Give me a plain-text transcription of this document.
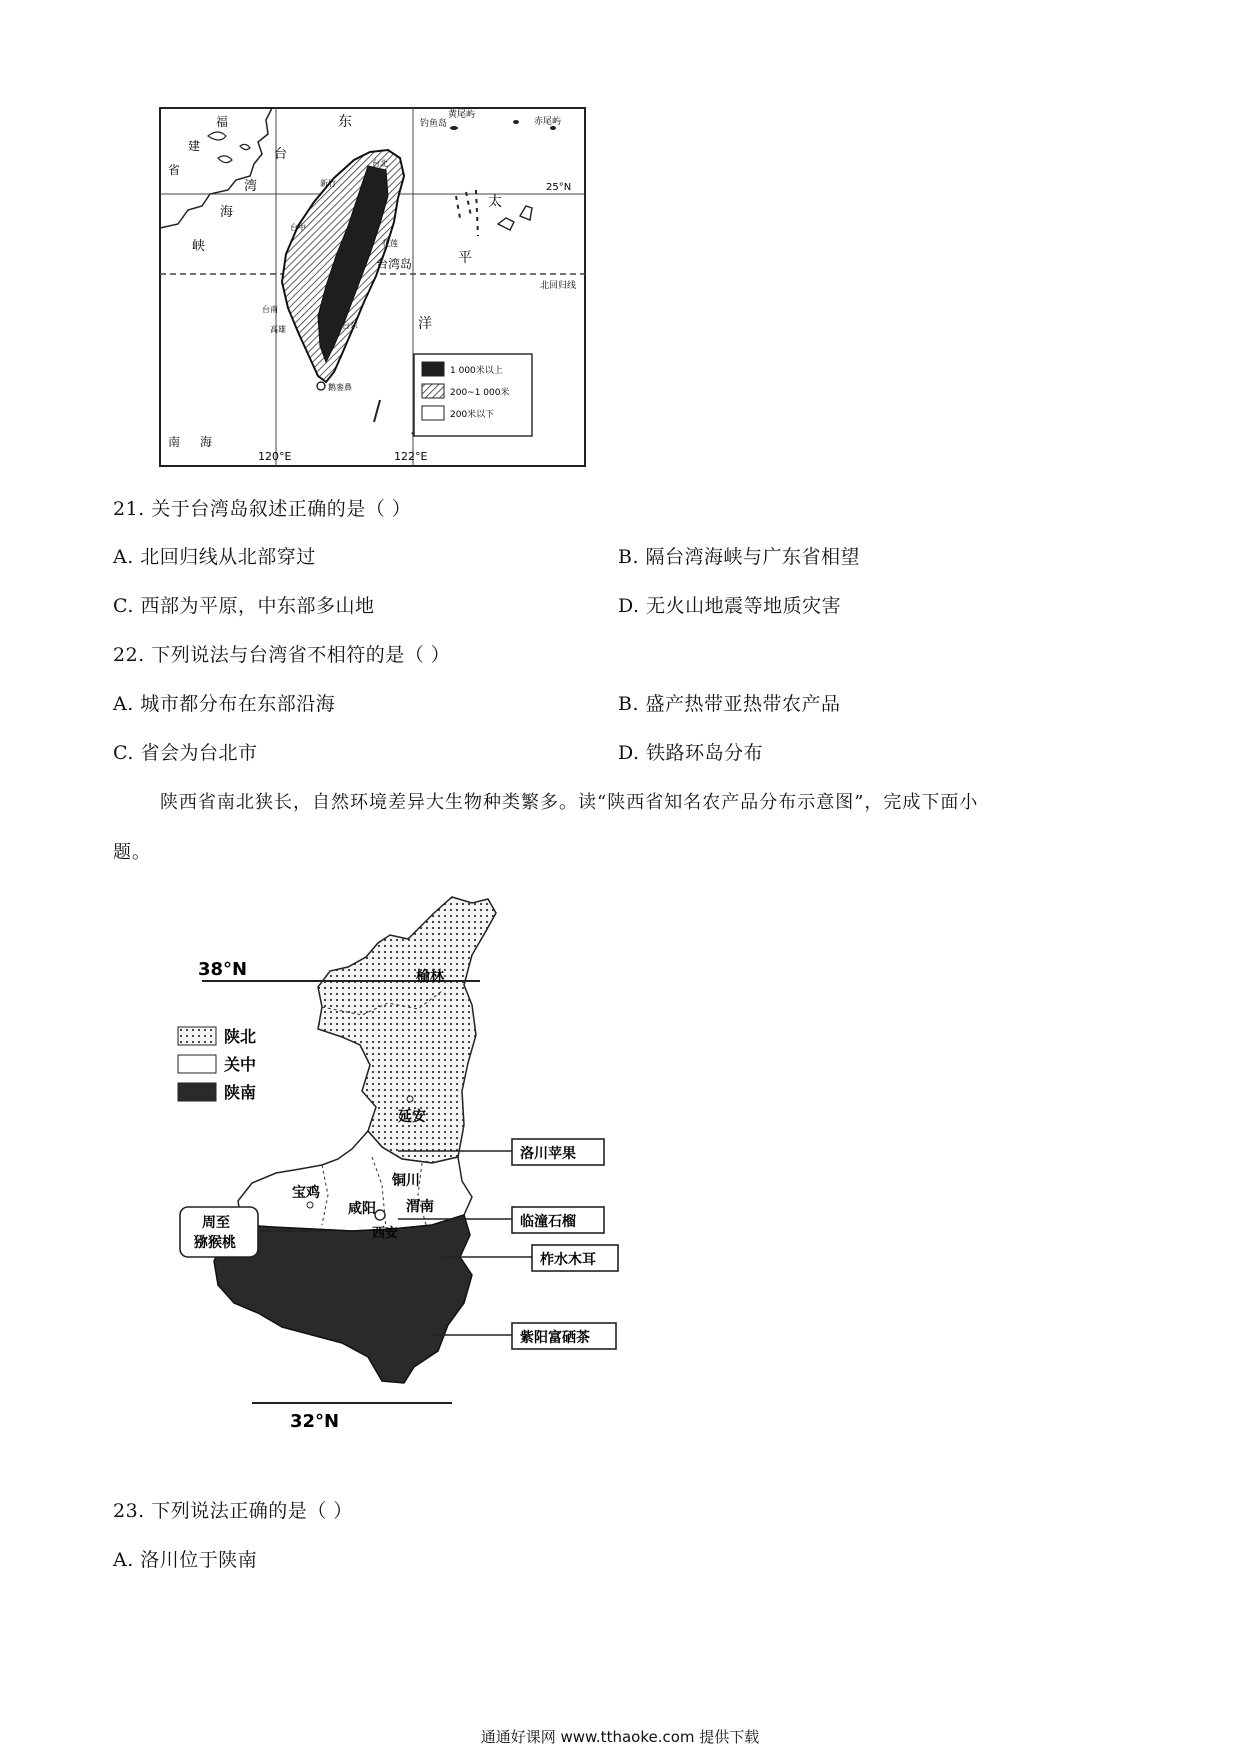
福
建
省
东
台
湾
海
峡
太
平
洋
南 海
钓鱼岛
黄尾屿
赤尾屿
台湾岛
25°N
北回归线
120°E	122°E
台北
新竹
台中
花莲
台南
高雄	台东
鹅銮鼻
1 000米以上
200~1 000米
200米以下
21. 关于台湾岛叙述正确的是（ ）
A. 北回归线从北部穿过	B. 隔台湾海峡与广东省相望
C. 西部为平原，中东部多山地	D. 无火山地震等地质灾害
22. 下列说法与台湾省不相符的是（ ）
A. 城市都分布在东部沿海	B. 盛产热带亚热带农产品
C. 省会为台北市	D. 铁路环岛分布
陕西省南北狭长，自然环境差异大生物种类繁多。读“陕西省知名农产品分布示意图”，完成下面小
题。
38°N
32°N
陕北
关中
陕南
榆林
延安
铜川
宝鸡
咸阳 渭南
西安
洛川苹果
临潼石榴
柞水木耳
紫阳富硒茶
周至
猕猴桃
23. 下列说法正确的是（ ）
A. 洛川位于陕南
通通好课网 www.tthaoke.com 提供下载
